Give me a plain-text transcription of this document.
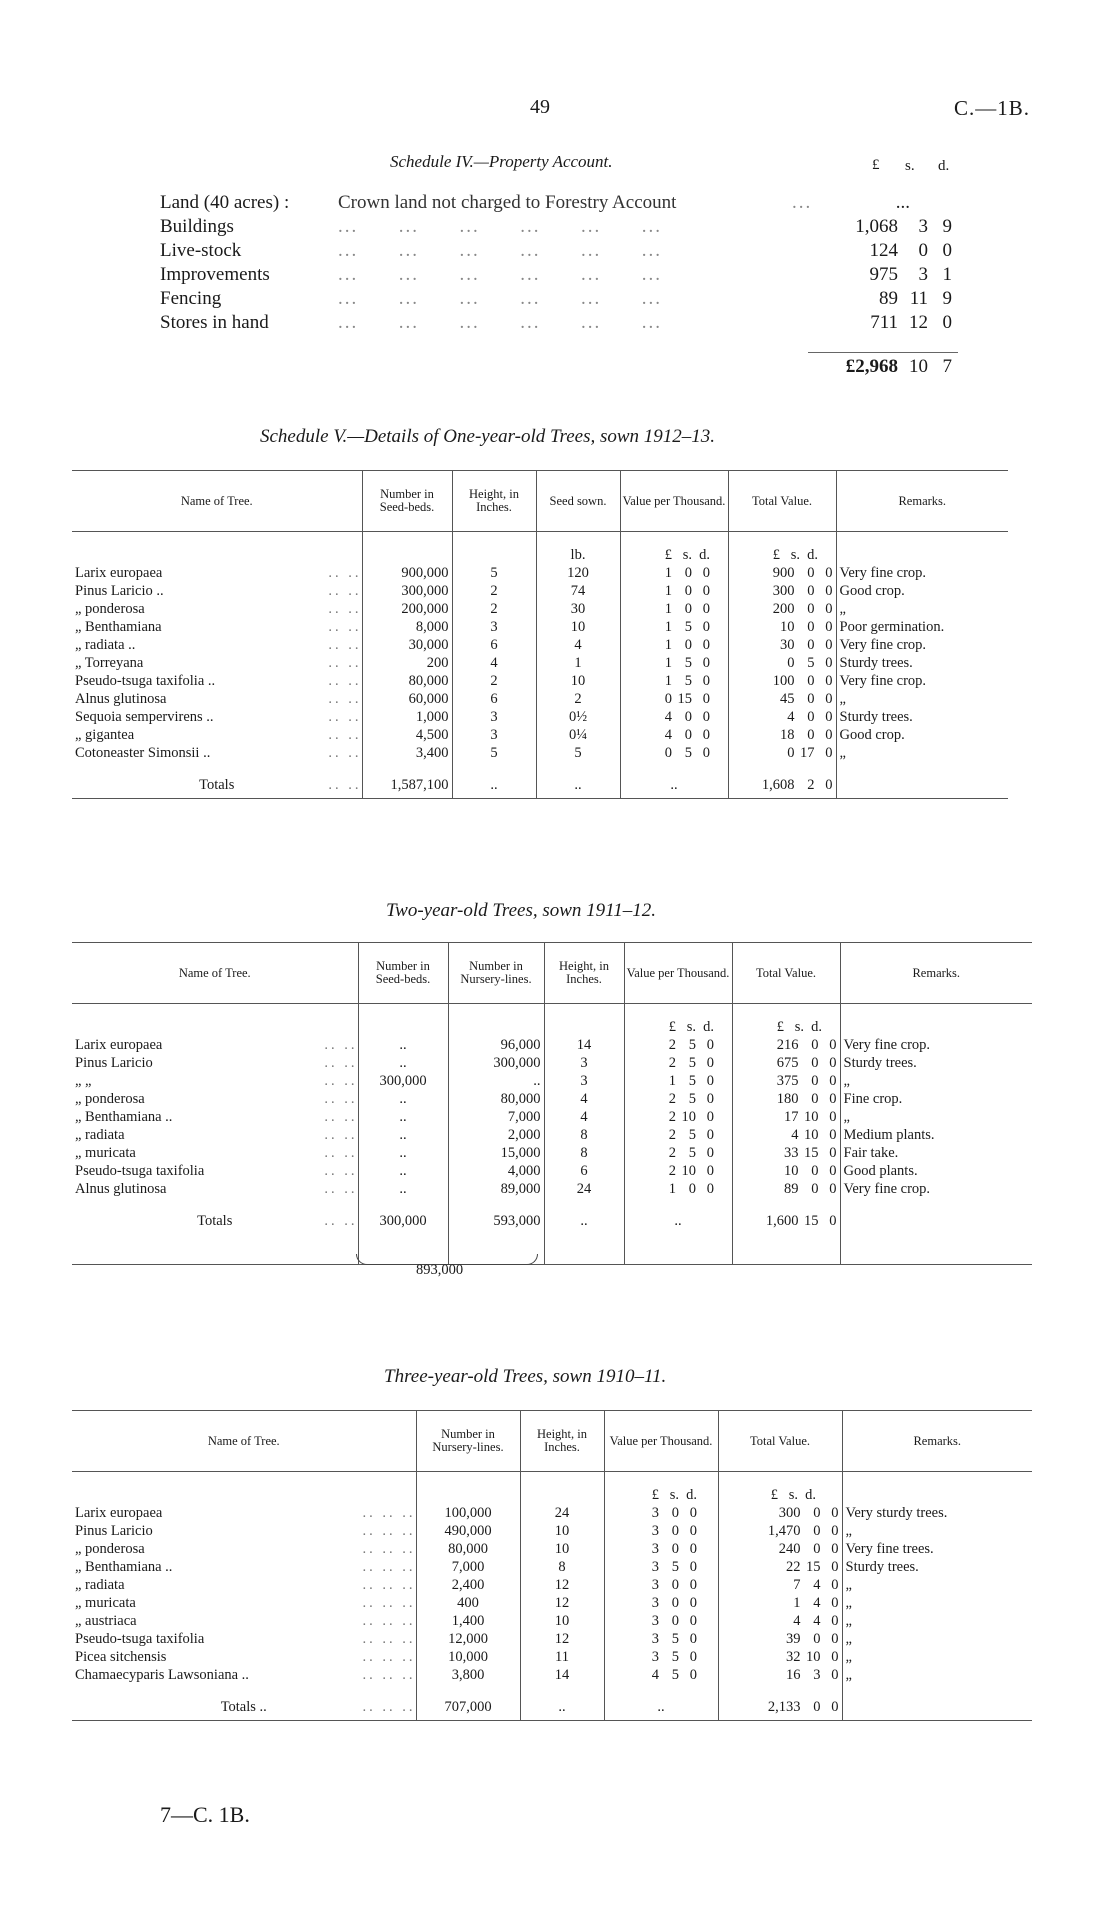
49	C.—1B.
Schedule IV.—Property Account.	£ s. d.
Land (40 acres) :	Crown land not charged to Forestry Account	...	...
Buildings	...      ...      ...      ...      ...      ...	1,068	3 9
Live-stock	...      ...      ...      ...      ...      ...	124	0 0
Improvements	...      ...      ...      ...      ...      ...	975	3 1
Fencing	...      ...      ...      ...      ...      ...	89 11 9
Stores in hand	...      ...      ...      ...      ...      ...	711 12 0
£2,968 10 7
Schedule V.—Details of One-year-old Trees, sown 1912–13.
Name of Tree.	Number in Seed-beds.	Height, in Inches.	Seed sown.	Value per Thousand.	Total Value.	Remarks.
			lb.	£ s. d.	£ s. d.	
Larix europaea .. ..	900,000	5	120	1 0 0	900 0 0	Very fine crop.
Pinus Laricio .. .. ..	300,000	2	74	1 0 0	300 0 0	Good crop.
„ ponderosa .. ..	200,000	2	30	1 0 0	200 0 0	„
„ Benthamiana .. ..	8,000	3	10	1 5 0	10 0 0	Poor germination.
„ radiata .. .. ..	30,000	6	4	1 0 0	30 0 0	Very fine crop.
„ Torreyana .. ..	200	4	1	1 5 0	0 5 0	Sturdy trees.
Pseudo-tsuga taxifolia .. .. ..	80,000	2	10	1 5 0	100 0 0	Very fine crop.
Alnus glutinosa .. ..	60,000	6	2	0 15 0	45 0 0	„
Sequoia sempervirens .. .. ..	1,000	3	0½	4 0 0	4 0 0	Sturdy trees.
„ gigantea .. ..	4,500	3	0¼	4 0 0	18 0 0	Good crop.
Cotoneaster Simonsii .. .. ..	3,400	5	5	0 5 0	0 17 0	„
Totals .. ..	1,587,100	..	..	..	1,608 2 0	
Two-year-old Trees, sown 1911–12.
Name of Tree.	Number in Seed-beds.	Number in Nursery-lines.	Height, in Inches.	Value per Thousand.	Total Value.	Remarks.
				£ s. d.	£ s. d.	
Larix europaea .. ..	..	96,000	14	2 5 0	216 0 0	Very fine crop.
Pinus Laricio .. ..	..	300,000	3	2 5 0	675 0 0	Sturdy trees.
„ „ .. ..	300,000	..	3	1 5 0	375 0 0	„
„ ponderosa .. ..	..	80,000	4	2 5 0	180 0 0	Fine crop.
„ Benthamiana .. .. ..	..	7,000	4	2 10 0	17 10 0	„
„ radiata .. ..	..	2,000	8	2 5 0	4 10 0	Medium plants.
„ muricata .. ..	..	15,000	8	2 5 0	33 15 0	Fair take.
Pseudo-tsuga taxifolia .. ..	..	4,000	6	2 10 0	10 0 0	Good plants.
Alnus glutinosa .. ..	..	89,000	24	1 0 0	89 0 0	Very fine crop.
Totals .. ..	300,000	593,000	..	..	1,600 15 0	

893,000
Three-year-old Trees, sown 1910–11.
Name of Tree.	Number in Nursery-lines.	Height, in Inches.	Value per Thousand.	Total Value.	Remarks.
			£ s. d.	£ s. d.	
Larix europaea .. .. ..	100,000	24	3 0 0	300 0 0	Very sturdy trees.
Pinus Laricio .. .. ..	490,000	10	3 0 0	1,470 0 0	„
„ ponderosa .. .. ..	80,000	10	3 0 0	240 0 0	Very fine trees.
„ Benthamiana .. .. .. ..	7,000	8	3 5 0	22 15 0	Sturdy trees.
„ radiata .. .. ..	2,400	12	3 0 0	7 4 0	„
„ muricata .. .. ..	400	12	3 0 0	1 4 0	„
„ austriaca .. .. ..	1,400	10	3 0 0	4 4 0	„
Pseudo-tsuga taxifolia .. .. ..	12,000	12	3 5 0	39 0 0	„
Picea sitchensis .. .. ..	10,000	11	3 5 0	32 10 0	„
Chamaecyparis Lawsoniana .. .. .. ..	3,800	14	4 5 0	16 3 0	„
Totals .. .. .. ..	707,000	..	..	2,133 0 0	
7—C. 1B.
